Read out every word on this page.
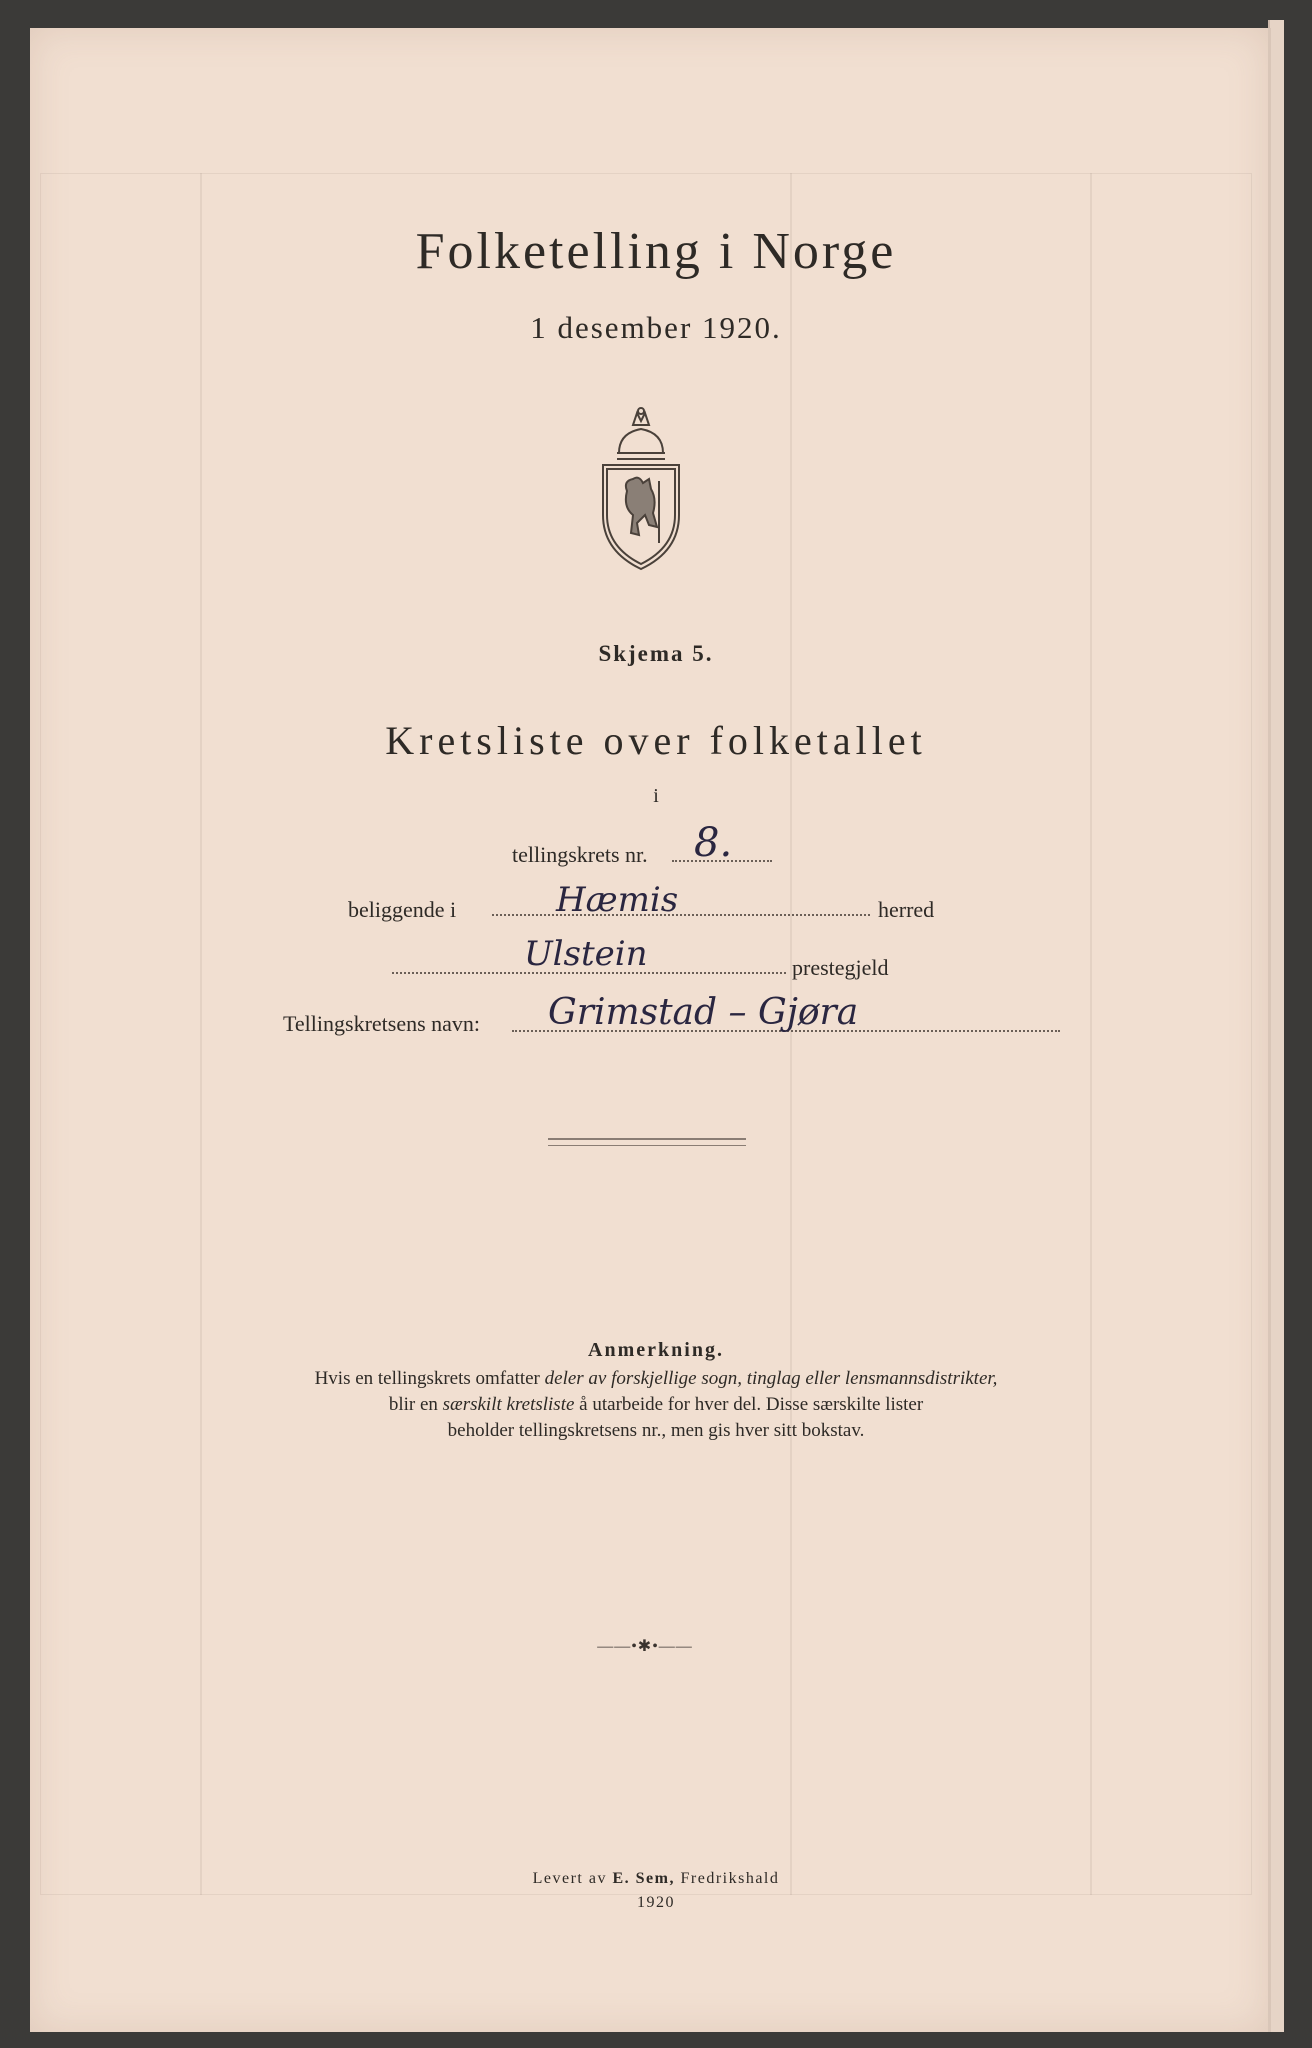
Folketelling i Norge
1 desember 1920.
Skjema 5.
Kretsliste over folketallet
i
tellingskrets nr. 8.
beliggende i	Hæmis	herred
Ulstein	prestegjeld
Tellingskretsens navn: Grimstad – Gjøra
Anmerkning.
Hvis en tellingskrets omfatter deler av forskjellige sogn, tinglag eller lensmannsdistrikter,
blir en særskilt kretsliste å utarbeide for hver del. Disse særskilte lister
beholder tellingskretsens nr., men gis hver sitt bokstav.
——•✱•——
Levert av E. Sem, Fredrikshald
1920
